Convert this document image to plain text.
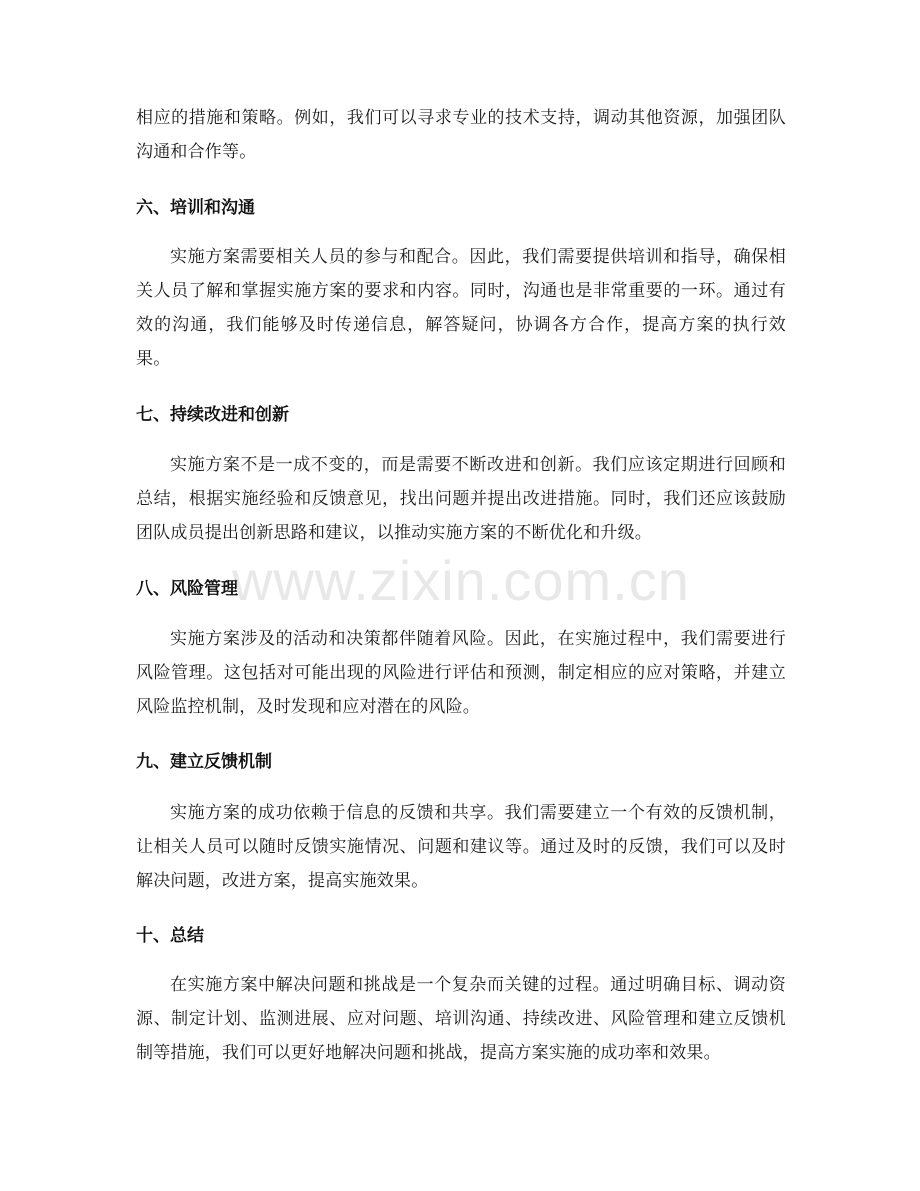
相应的措施和策略。例如，我们可以寻求专业的技术支持，调动其他资源，加强团队沟通和合作等。

六、培训和沟通

实施方案需要相关人员的参与和配合。因此，我们需要提供培训和指导，确保相关人员了解和掌握实施方案的要求和内容。同时，沟通也是非常重要的一环。通过有效的沟通，我们能够及时传递信息，解答疑问，协调各方合作，提高方案的执行效果。

七、持续改进和创新

实施方案不是一成不变的，而是需要不断改进和创新。我们应该定期进行回顾和总结，根据实施经验和反馈意见，找出问题并提出改进措施。同时，我们还应该鼓励团队成员提出创新思路和建议，以推动实施方案的不断优化和升级。

八、风险管理

实施方案涉及的活动和决策都伴随着风险。因此，在实施过程中，我们需要进行风险管理。这包括对可能出现的风险进行评估和预测，制定相应的应对策略，并建立风险监控机制，及时发现和应对潜在的风险。

九、建立反馈机制

实施方案的成功依赖于信息的反馈和共享。我们需要建立一个有效的反馈机制，让相关人员可以随时反馈实施情况、问题和建议等。通过及时的反馈，我们可以及时解决问题，改进方案，提高实施效果。

十、总结

在实施方案中解决问题和挑战是一个复杂而关键的过程。通过明确目标、调动资源、制定计划、监测进展、应对问题、培训沟通、持续改进、风险管理和建立反馈机制等措施，我们可以更好地解决问题和挑战，提高方案实施的成功率和效果。

www.zixin.com.cn
